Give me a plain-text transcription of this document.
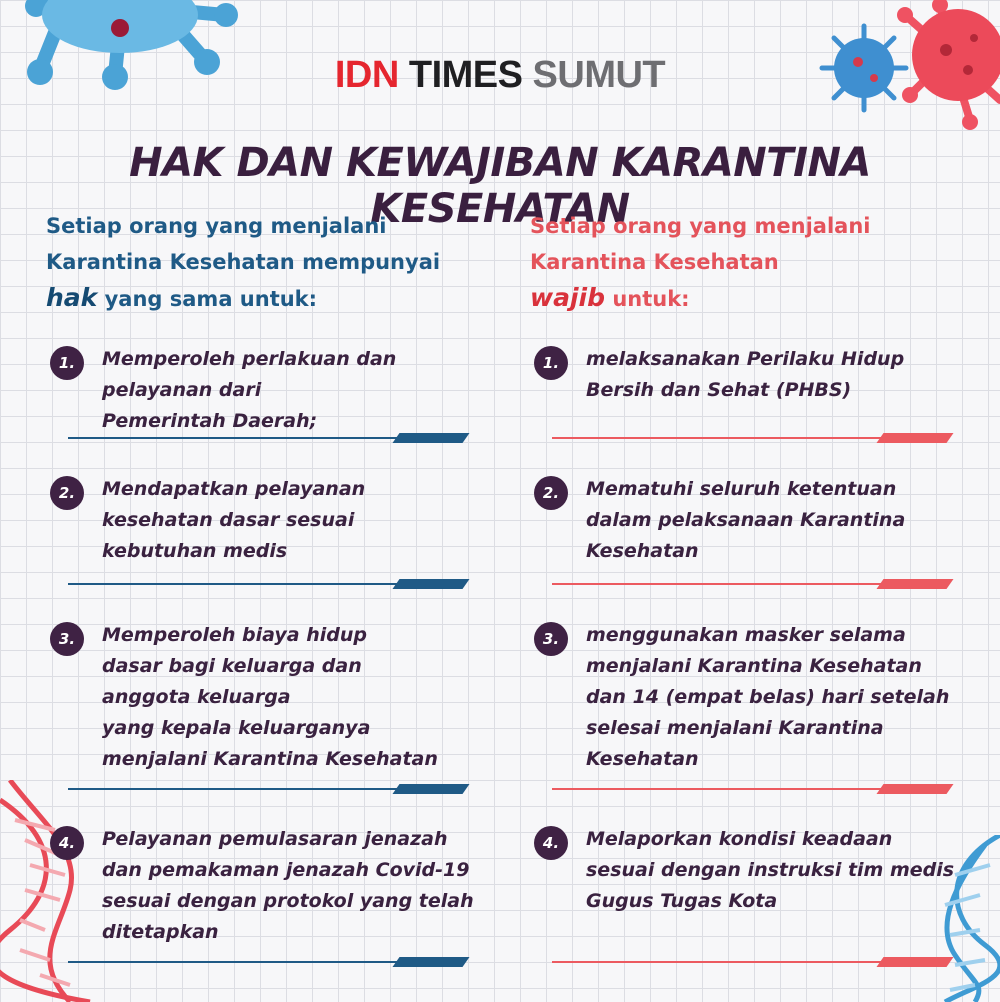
IDN TIMES SUMUT
HAK DAN KEWAJIBAN KARANTINA KESEHATAN
Setiap orang yang menjalani
Karantina Kesehatan mempunyai
hak yang sama untuk:
1.	Memperoleh perlakuan dan
pelayanan dari
Pemerintah Daerah;
2.	Mendapatkan pelayanan
kesehatan dasar sesuai
kebutuhan medis
3.	Memperoleh biaya hidup
dasar bagi keluarga dan
anggota keluarga
yang kepala keluarganya
menjalani Karantina Kesehatan
4.	Pelayanan pemulasaran jenazah
dan pemakaman jenazah Covid-19
sesuai dengan protokol yang telah
ditetapkan
Setiap orang yang menjalani
Karantina Kesehatan
wajib untuk:
1.	melaksanakan Perilaku Hidup
Bersih dan Sehat (PHBS)
2.	Mematuhi seluruh ketentuan
dalam pelaksanaan Karantina
Kesehatan
3.	menggunakan masker selama
menjalani Karantina Kesehatan
dan 14 (empat belas) hari setelah
selesai menjalani Karantina
Kesehatan
4.	Melaporkan kondisi keadaan
sesuai dengan instruksi tim medis
Gugus Tugas Kota
